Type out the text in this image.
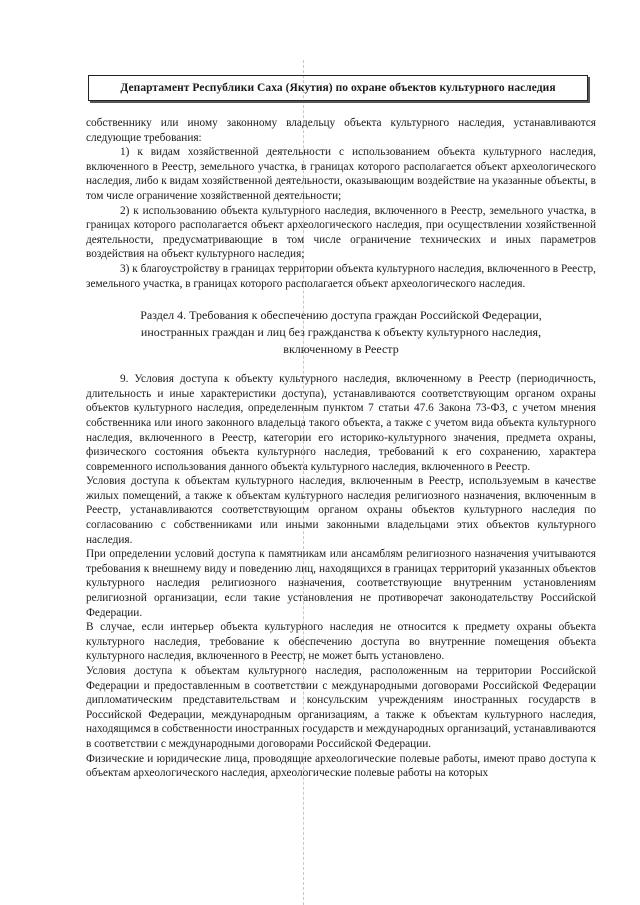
Департамент Республики Саха (Якутия) по охране объектов культурного наследия

собственнику или иному законному владельцу объекта культурного наследия, устанавливаются следующие требования:

1) к видам хозяйственной деятельности с использованием объекта культурного наследия, включенного в Реестр, земельного участка, в границах которого располагается объект археологического наследия, либо к видам хозяйственной деятельности, оказывающим воздействие на указанные объекты, в том числе ограничение хозяйственной деятельности;

2) к использованию объекта культурного наследия, включенного в Реестр, земельного участка, в границах которого располагается объект археологического наследия, при осуществлении хозяйственной деятельности, предусматривающие в том числе ограничение технических и иных параметров воздействия на объект культурного наследия;

3) к благоустройству в границах территории объекта культурного наследия, включенного в Реестр, земельного участка, в границах которого располагается объект археологического наследия.

Раздел 4. Требования к обеспечению доступа граждан Российской Федерации, иностранных граждан и лиц без гражданства к объекту культурного наследия, включенному в Реестр

9. Условия доступа к объекту культурного наследия, включенному в Реестр (периодичность, длительность и иные характеристики доступа), устанавливаются соответствующим органом охраны объектов культурного наследия, определенным пунктом 7 статьи 47.6 Закона 73-ФЗ, с учетом мнения собственника или иного законного владельца такого объекта, а также с учетом вида объекта культурного наследия, включенного в Реестр, категории его историко-культурного значения, предмета охраны, физического состояния объекта культурного наследия, требований к его сохранению, характера современного использования данного объекта культурного наследия, включенного в Реестр.

Условия доступа к объектам культурного наследия, включенным в Реестр, используемым в качестве жилых помещений, а также к объектам культурного наследия религиозного назначения, включенным в Реестр, устанавливаются соответствующим органом охраны объектов культурного наследия по согласованию с собственниками или иными законными владельцами этих объектов культурного наследия.

При определении условий доступа к памятникам или ансамблям религиозного назначения учитываются требования к внешнему виду и поведению лиц, находящихся в границах территорий указанных объектов культурного наследия религиозного назначения, соответствующие внутренним установлениям религиозной организации, если такие установления не противоречат законодательству Российской Федерации.

В случае, если интерьер объекта культурного наследия не относится к предмету охраны объекта культурного наследия, требование к обеспечению доступа во внутренние помещения объекта культурного наследия, включенного в Реестр, не может быть установлено.

Условия доступа к объектам культурного наследия, расположенным на территории Российской Федерации и предоставленным в соответствии с международными договорами Российской Федерации дипломатическим представительствам и консульским учреждениям иностранных государств в Российской Федерации, международным организациям, а также к объектам культурного наследия, находящимся в собственности иностранных государств и международных организаций, устанавливаются в соответствии с международными договорами Российской Федерации.

Физические и юридические лица, проводящие археологические полевые работы, имеют право доступа к объектам археологического наследия, археологические полевые работы на которых
